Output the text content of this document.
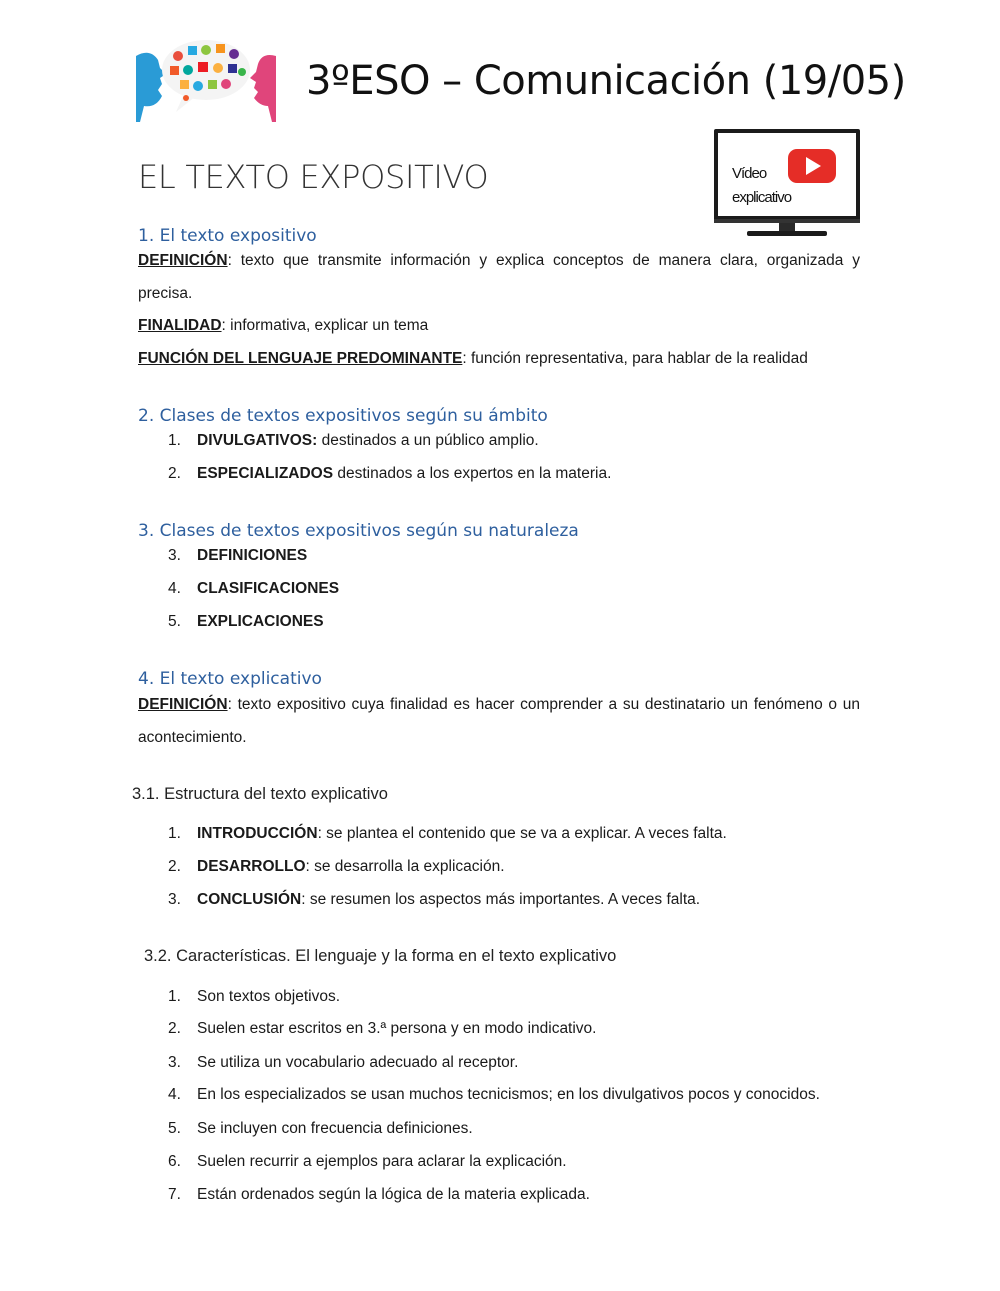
3ºESO – Comunicación (19/05)
EL TEXTO EXPOSITIVO	Vídeo
explicativo
1. El texto expositivo
DEFINICIÓN: texto que transmite información y explica conceptos de manera clara, organizada y precisa.
FINALIDAD: informativa, explicar un tema
FUNCIÓN DEL LENGUAJE PREDOMINANTE: función representativa, para hablar de la realidad
2. Clases de textos expositivos según su ámbito
1. DIVULGATIVOS: destinados a un público amplio.
2. ESPECIALIZADOS destinados a los expertos en la materia.
3. Clases de textos expositivos según su naturaleza
3. DEFINICIONES
4. CLASIFICACIONES
5. EXPLICACIONES
4. El texto explicativo
DEFINICIÓN: texto expositivo cuya finalidad es hacer comprender a su destinatario un fenómeno o un acontecimiento.
3.1. Estructura del texto explicativo
1. INTRODUCCIÓN: se plantea el contenido que se va a explicar. A veces falta.
2. DESARROLLO: se desarrolla la explicación.
3. CONCLUSIÓN: se resumen los aspectos más importantes. A veces falta.
3.2. Características. El lenguaje y la forma en el texto explicativo
1. Son textos objetivos.
2. Suelen estar escritos en 3.ª persona y en modo indicativo.
3. Se utiliza un vocabulario adecuado al receptor.
4. En los especializados se usan muchos tecnicismos; en los divulgativos pocos y conocidos.
5. Se incluyen con frecuencia definiciones.
6. Suelen recurrir a ejemplos para aclarar la explicación.
7. Están ordenados según la lógica de la materia explicada.
